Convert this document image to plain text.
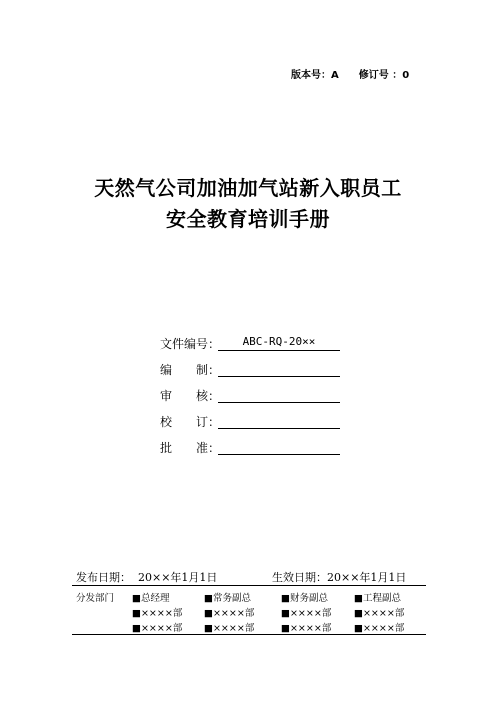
版本号：A　　修订号 ：0
天然气公司加油加气站新入职员工
安全教育培训手册
文件编号 ：	ABC-RQ-20××
编　　制 ：
审　　核 ：
校　　订 ：
批　　准 ：
发布日期：  20××年1月1日	生效日期：20××年1月1日
分发部门 ■总经理	■常务副总	■财务副总	■工程副总
■××××部	■××××部	■××××部	■××××部
■××××部	■××××部	■××××部	■××××部
